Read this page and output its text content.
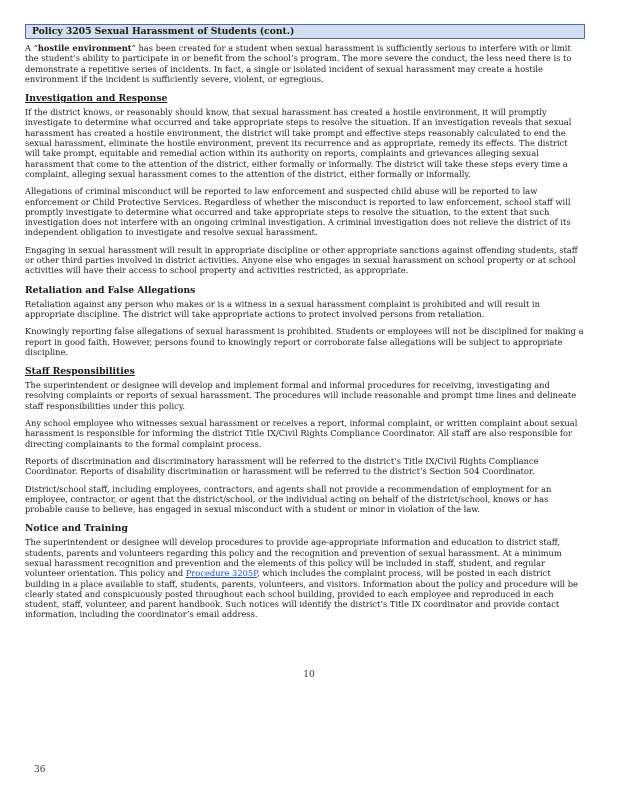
Policy 3205 Sexual Harassment of Students (cont.)

A “hostile environment” has been created for a student when sexual harassment is sufficiently serious to interfere with or limit the student’s ability to participate in or benefit from the school’s program. The more severe the conduct, the less need there is to demonstrate a repetitive series of incidents. In fact, a single or isolated incident of sexual harassment may create a hostile environment if the incident is sufficiently severe, violent, or egregious.

Investigation and Response

If the district knows, or reasonably should know, that sexual harassment has created a hostile environment, it will promptly investigate to determine what occurred and take appropriate steps to resolve the situation. If an investigation reveals that sexual harassment has created a hostile environment, the district will take prompt and effective steps reasonably calculated to end the sexual harassment, eliminate the hostile environment, prevent its recurrence and as appropriate, remedy its effects. The district will take prompt, equitable and remedial action within its authority on reports, complaints and grievances alleging sexual harassment that come to the attention of the district, either formally or informally. The district will take these steps every time a complaint, alleging sexual harassment comes to the attention of the district, either formally or informally.

Allegations of criminal misconduct will be reported to law enforcement and suspected child abuse will be reported to law enforcement or Child Protective Services. Regardless of whether the misconduct is reported to law enforcement, school staff will promptly investigate to determine what occurred and take appropriate steps to resolve the situation, to the extent that such investigation does not interfere with an ongoing criminal investigation. A criminal investigation does not relieve the district of its independent obligation to investigate and resolve sexual harassment.

Engaging in sexual harassment will result in appropriate discipline or other appropriate sanctions against offending students, staff or other third parties involved in district activities. Anyone else who engages in sexual harassment on school property or at school activities will have their access to school property and activities restricted, as appropriate.

Retaliation and False Allegations

Retaliation against any person who makes or is a witness in a sexual harassment complaint is prohibited and will result in appropriate discipline. The district will take appropriate actions to protect involved persons from retaliation.

Knowingly reporting false allegations of sexual harassment is prohibited. Students or employees will not be disciplined for making a report in good faith. However, persons found to knowingly report or corroborate false allegations will be subject to appropriate discipline.

Staff Responsibilities

The superintendent or designee will develop and implement formal and informal procedures for receiving, investigating and resolving complaints or reports of sexual harassment. The procedures will include reasonable and prompt time lines and delineate staff responsibilities under this policy.

Any school employee who witnesses sexual harassment or receives a report, informal complaint, or written complaint about sexual harassment is responsible for informing the district Title IX/Civil Rights Compliance Coordinator. All staff are also responsible for directing complainants to the formal complaint process.

Reports of discrimination and discriminatory harassment will be referred to the district’s Title IX/Civil Rights Compliance Coordinator. Reports of disability discrimination or harassment will be referred to the district’s Section 504 Coordinator.

District/school staff, including employees, contractors, and agents shall not provide a recommendation of employment for an employee, contractor, or agent that the district/school, or the individual acting on behalf of the district/school, knows or has probable cause to believe, has engaged in sexual misconduct with a student or minor in violation of the law.

Notice and Training

The superintendent or designee will develop procedures to provide age-appropriate information and education to district staff, students, parents and volunteers regarding this policy and the recognition and prevention of sexual harassment. At a minimum sexual harassment recognition and prevention and the elements of this policy will be included in staff, student, and regular volunteer orientation. This policy and Procedure 3205P, which includes the complaint process, will be posted in each district building in a place available to staff, students, parents, volunteers, and visitors. Information about the policy and procedure will be clearly stated and conspicuously posted throughout each school building, provided to each employee and reproduced in each student, staff, volunteer, and parent handbook. Such notices will identify the district’s Title IX coordinator and provide contact information, including the coordinator’s email address.

10
36
